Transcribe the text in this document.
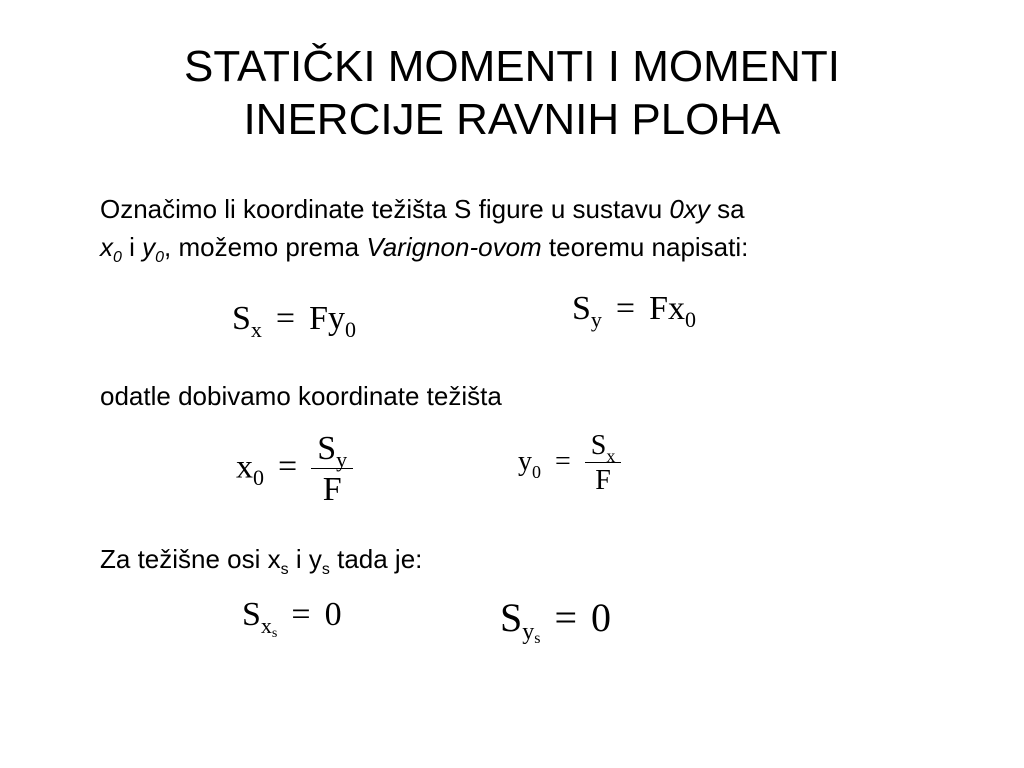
STATIČKI MOMENTI I MOMENTI
INERCIJE RAVNIH PLOHA

Označimo li koordinate težišta S figure u sustavu 0xy sa
$x_0$ i $y_0$, možemo prema Varignon-ovom teoremu napisati:

$S_x = Fy_0$
$S_y = Fx_0$

odatle dobivamo koordinate težišta

$x_0 = \frac{S_y}{F}$	$y_0 = \frac{S_x}{F}$

Za težišne osi $x_s$ i $y_s$ tada je:

$S_{xs}= 0$	$S_{ys} = 0$
